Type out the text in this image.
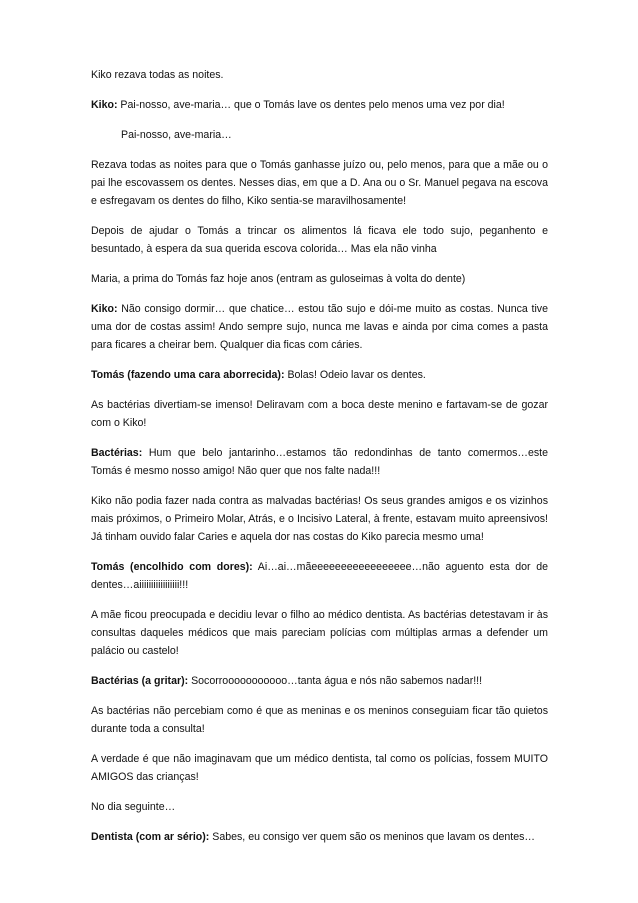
Kiko rezava todas as noites.

Kiko: Pai-nosso, ave-maria… que o Tomás lave os dentes pelo menos uma vez por dia!

Pai-nosso, ave-maria…

Rezava todas as noites para que o Tomás ganhasse juízo ou, pelo menos, para que a mãe ou o pai lhe escovassem os dentes. Nesses dias, em que a D. Ana ou o Sr. Manuel pegava na escova e esfregavam os dentes do filho, Kiko sentia-se maravilhosamente!

Depois de ajudar o Tomás a trincar os alimentos lá ficava ele todo sujo, peganhento e besuntado, à espera da sua querida escova colorida… Mas ela não vinha

Maria, a prima do Tomás faz hoje anos (entram as guloseimas à volta do dente)

Kiko: Não consigo dormir… que chatice… estou tão sujo e dói-me muito as costas. Nunca tive uma dor de costas assim! Ando sempre sujo, nunca me lavas e ainda por cima comes a pasta para ficares a cheirar bem. Qualquer dia ficas com cáries.

Tomás (fazendo uma cara aborrecida): Bolas! Odeio lavar os dentes.

As bactérias divertiam-se imenso! Deliravam com a boca deste menino e fartavam-se de gozar com o Kiko!

Bactérias: Hum que belo jantarinho…estamos tão redondinhas de tanto comermos…este Tomás é mesmo nosso amigo! Não quer que nos falte nada!!!

Kiko não podia fazer nada contra as malvadas bactérias! Os seus grandes amigos e os vizinhos mais próximos, o Primeiro Molar, Atrás, e o Incisivo Lateral, à frente, estavam muito apreensivos! Já tinham ouvido falar Caries e aquela dor nas costas do Kiko parecia mesmo uma!

Tomás (encolhido com dores): Ai…ai…mãeeeeeeeeeeeeeeeee…não aguento esta dor de dentes…aiiiiiiiiiiiiiiiii!!!

A mãe ficou preocupada e decidiu levar o filho ao médico dentista. As bactérias detestavam ir às consultas daqueles médicos que mais pareciam polícias com múltiplas armas a defender um palácio ou castelo!

Bactérias (a gritar): Socorrooooooooooo…tanta água e nós não sabemos nadar!!!

As bactérias não percebiam como é que as meninas e os meninos conseguiam ficar tão quietos durante toda a consulta!

A verdade é que não imaginavam que um médico dentista, tal como os polícias, fossem MUITO AMIGOS das crianças!

No dia seguinte…

Dentista (com ar sério): Sabes, eu consigo ver quem são os meninos que lavam os dentes…
